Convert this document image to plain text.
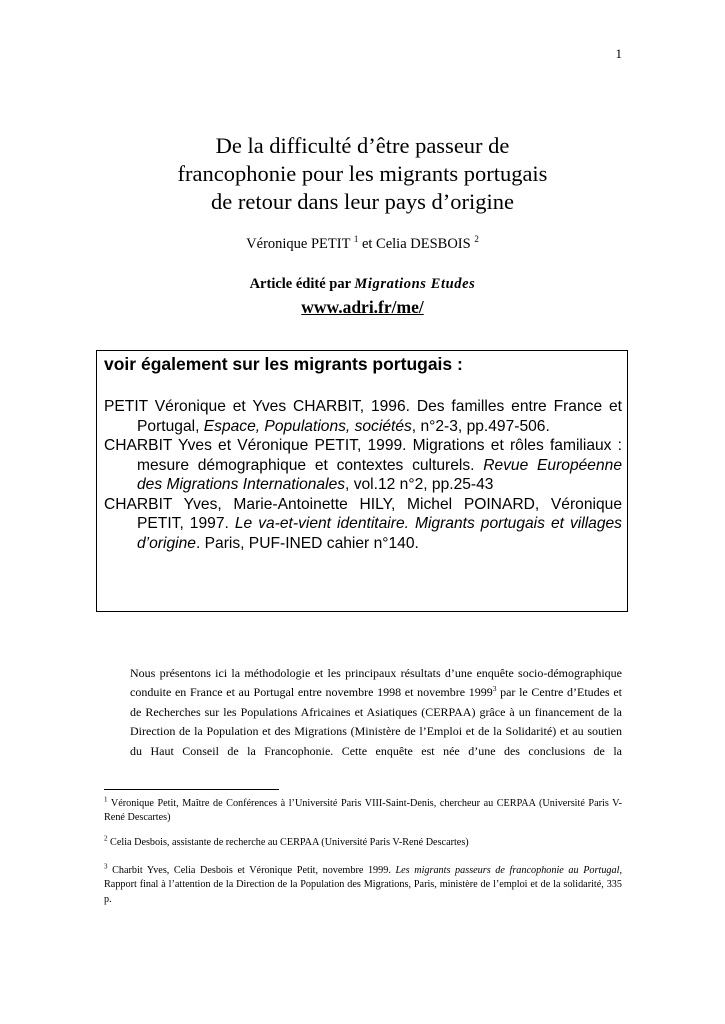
1
De la difficulté d’être passeur de
francophonie pour les migrants portugais
de retour dans leur pays d’origine
Véronique PETIT $^1$ et Celia DESBOIS $^2$
Article édité par Migrations Etudes
www.adri.fr/me/
voir également sur les migrants portugais :

PETIT Véronique et Yves CHARBIT, 1996. Des familles entre France et Portugal, Espace, Populations, sociétés, n°2-3, pp.497-506.

CHARBIT Yves et Véronique PETIT, 1999. Migrations et rôles familiaux : mesure démographique et contextes culturels. Revue Européenne des Migrations Internationales, vol.12 n°2, pp.25-43

CHARBIT Yves, Marie-Antoinette HILY, Michel POINARD, Véronique PETIT, 1997. Le va-et-vient identitaire. Migrants portugais et villages d’origine. Paris, PUF-INED cahier n°140.

Nous présentons ici la méthodologie et les principaux résultats d’une enquête socio-démographique conduite en France et au Portugal entre novembre 1998 et novembre 1999$^3$ par le Centre d’Etudes et de Recherches sur les Populations Africaines et Asiatiques (CERPAA) grâce à un financement de la Direction de la Population et des Migrations (Ministère de l’Emploi et de la Solidarité) et au soutien du Haut Conseil de la Francophonie. Cette enquête est née d’une des conclusions de la

$^1$ Véronique Petit, Maître de Conférences à l’Université Paris VIII-Saint-Denis, chercheur au CERPAA (Université Paris V-René Descartes)

$^2$ Celia Desbois, assistante de recherche au CERPAA (Université Paris V-René Descartes)

$^3$ Charbit Yves, Celia Desbois et Véronique Petit, novembre 1999. Les migrants passeurs de francophonie au Portugal, Rapport final à l’attention de la Direction de la Population des Migrations, Paris, ministère de l’emploi et de la solidarité, 335 p.
